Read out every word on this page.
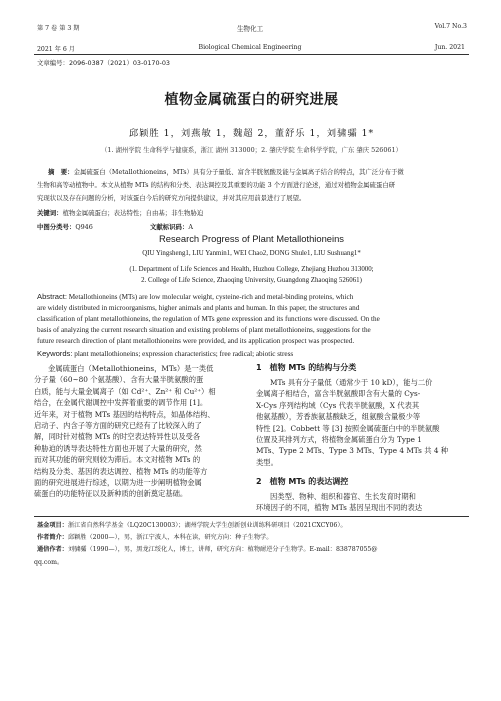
第 7 卷 第 3 期
2021 年 6 月
生物化工
Biological Chemical Engineering
Vol.7 No.3
Jun. 2021
文章编号：2096-0387（2021）03-0170-03
植物金属硫蛋白的研究进展
邱颖胜 1，刘燕敏 1，魏超 2，董舒乐 1，刘骕骦 1*
（1. 湖州学院 生命科学与健康系，浙江 湖州 313000；2. 肇庆学院 生命科学学院，广东 肇庆 526061）
摘　要：金属硫蛋白（Metallothioneins，MTs）具有分子量低、富含半胱氨酸及能与金属离子结合的特点，其广泛分布于微
生物和高等动植物中。本文从植物 MTs 的结构和分类、表达调控及其重要的功能 3 个方面进行论述，通过对植物金属硫蛋白研
究现状以及存在问题的分析，对该蛋白今后的研究方向提供建议，并对其应用前景进行了展望。
关键词：植物金属硫蛋白；表达特性；自由基；非生物胁迫
中图分类号：Q946	文献标识码：A
Research Progress of Plant Metallothioneins
QIU Yingsheng1, LIU Yanmin1, WEI Chao2, DONG Shule1, LIU Sushuang1*
(1. Department of Life Sciences and Health, Huzhou College, Zhejiang Huzhou 313000;
2. College of Life Science, Zhaoqing University, Guangdong Zhaoqing 526061)
Abstract: Metallothioneins (MTs) are low molecular weight, cysteine-rich and metal-binding proteins, which
are widely distributed in microorganisms, higher animals and plants and human. In this paper, the structures and
classification of plant metallothioneins, the regulation of MTs gene expression and its functions were discussed. On the
basis of analyzing the current research situation and existing problems of plant metallothioneins, suggestions for the
future research direction of plant metallothioneins were provided, and its application prospect was prospected.
Keywords: plant metallothioneins; expression characteristics; free radical; abiotic stress
金属硫蛋白（Metallothioneins，MTs）是一类低
分子量（60~80 个氨基酸）、含有大量半胱氨酸的蛋
白质，能与大量金属离子（如 Cd²⁺、Zn²⁺ 和 Cu²⁺）相
结合，在金属代谢调控中发挥着重要的调节作用 [1]。
近年来，对于植物 MTs 基因的结构特点，如晶体结构、
启动子、内含子等方面的研究已经有了比较深入的了
解，同时针对植物 MTs 的时空表达特异性以及受各
种胁迫的诱导表达特性方面也开展了大量的研究，然
而对其功能的研究则较为滞后。本文对植物 MTs 的
结构及分类、基因的表达调控、植物 MTs 的功能等方
面的研究进展进行综述，以期为进一步阐明植物金属
硫蛋白的功能特征以及新种质的创新奠定基础。
1　植物 MTs 的结构与分类
MTs 具有分子量低（通常少于 10 kD），能与二价
金属离子相结合，富含半胱氨酸即含有大量的 Cys-
X-Cys 序列结构域（Cys 代表半胱氨酸，X 代表其
他氨基酸），芳香族氨基酸缺乏，组氨酸含量极少等
特性 [2]。Cobbett 等 [3] 按照金属硫蛋白中的半胱氨酸
位置及其排列方式，将植物金属硫蛋白分为 Type 1
MTs、Type 2 MTs、Type 3 MTs、Type 4 MTs 共 4 种
类型。
2　植物 MTs 的表达调控
因类型、物种、组织和器官、生长发育时期和
环境因子的不同，植物 MTs 基因呈现出不同的表达
基金项目：浙江省自然科学基金（LQ20C130003）；湖州学院大学生创新创业训练科研项目（2021CXCY06）。
作者简介：邱颖胜（2000—），男，浙江宁波人，本科在读，研究方向：种子生物学。
通信作者：刘骕骦（1990—），男，黑龙江绥化人，博士，讲师，研究方向：植物耐逆分子生物学。E-mail：838787055@
qq.com。
